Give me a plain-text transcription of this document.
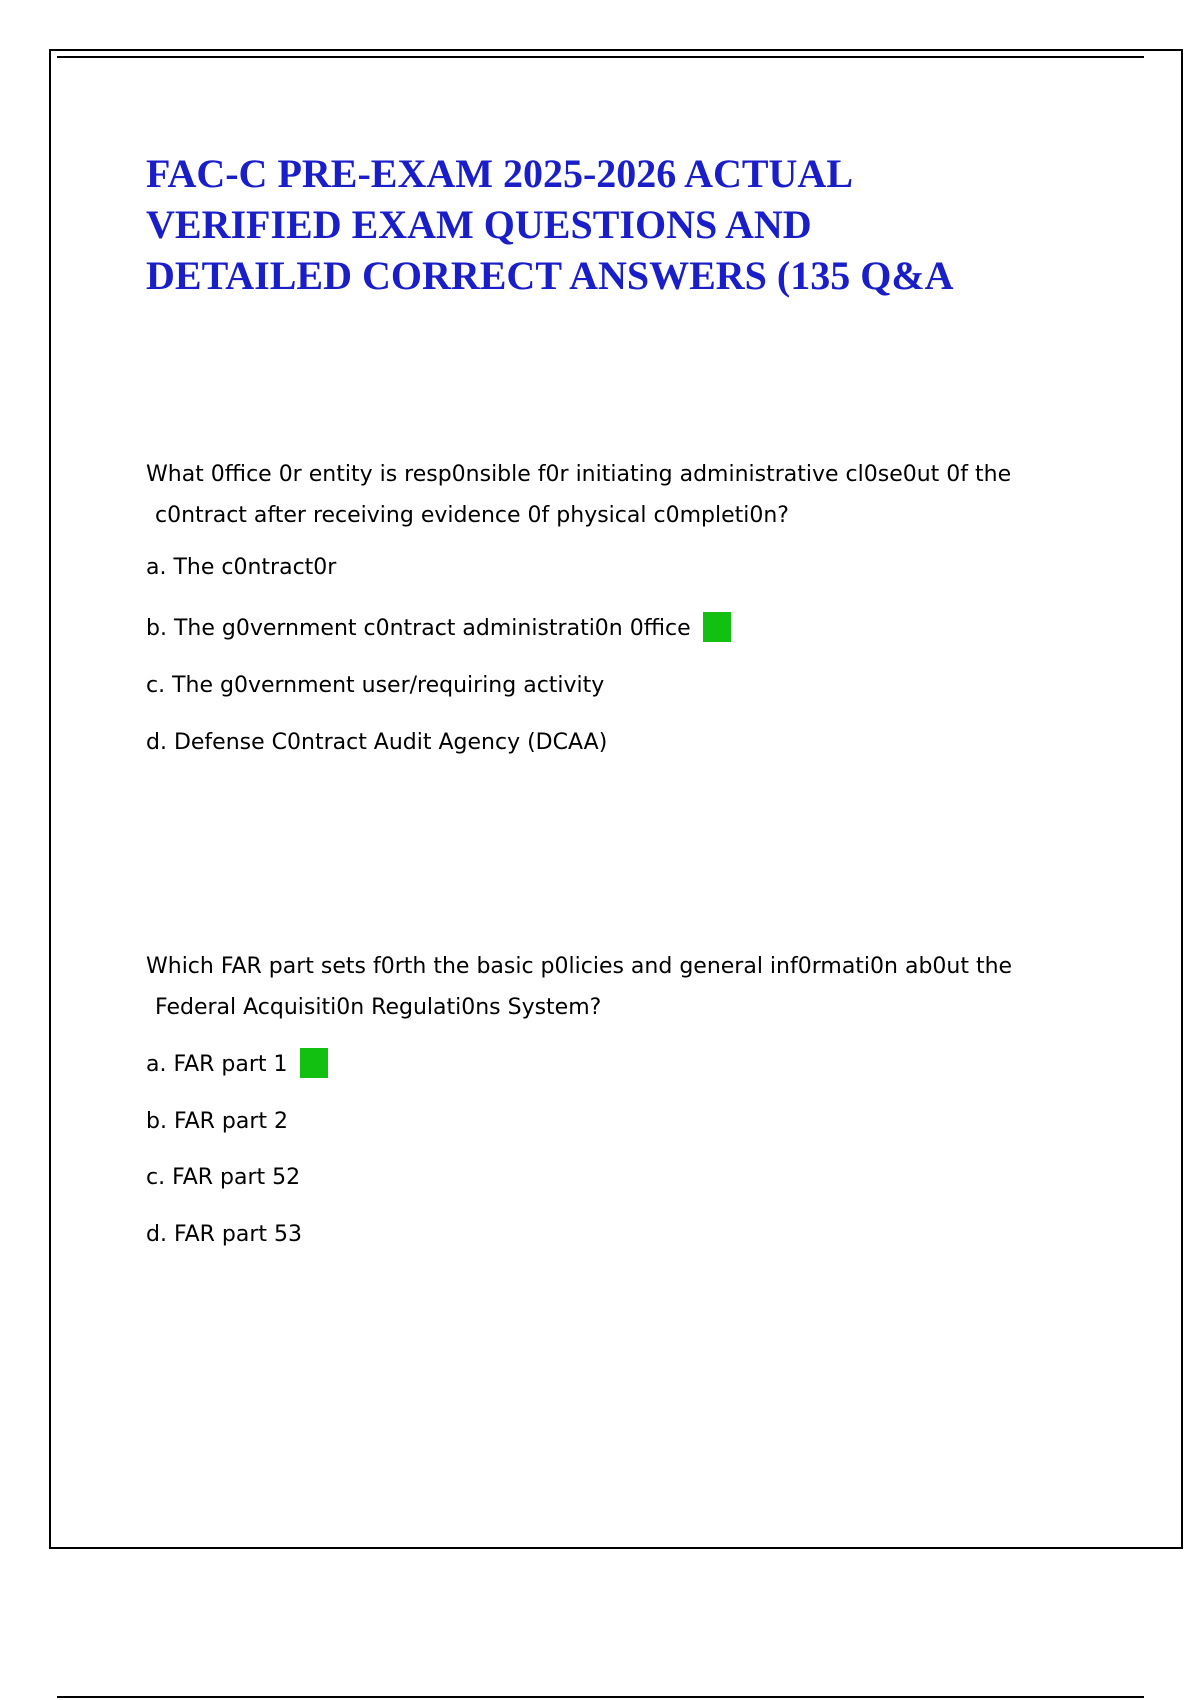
FAC-C PRE-EXAM 2025-2026 ACTUAL
VERIFIED EXAM QUESTIONS AND
DETAILED CORRECT ANSWERS (135 Q&A
What 0ffice 0r entity is resp0nsible f0r initiating administrative cl0se0ut 0f the
c0ntract after receiving evidence 0f physical c0mpleti0n?
a. The c0ntract0r
b. The g0vernment c0ntract administrati0n 0ffice
c. The g0vernment user/requiring activity
d. Defense C0ntract Audit Agency (DCAA)
Which FAR part sets f0rth the basic p0licies and general inf0rmati0n ab0ut the
Federal Acquisiti0n Regulati0ns System?
a. FAR part 1
b. FAR part 2
c. FAR part 52
d. FAR part 53
